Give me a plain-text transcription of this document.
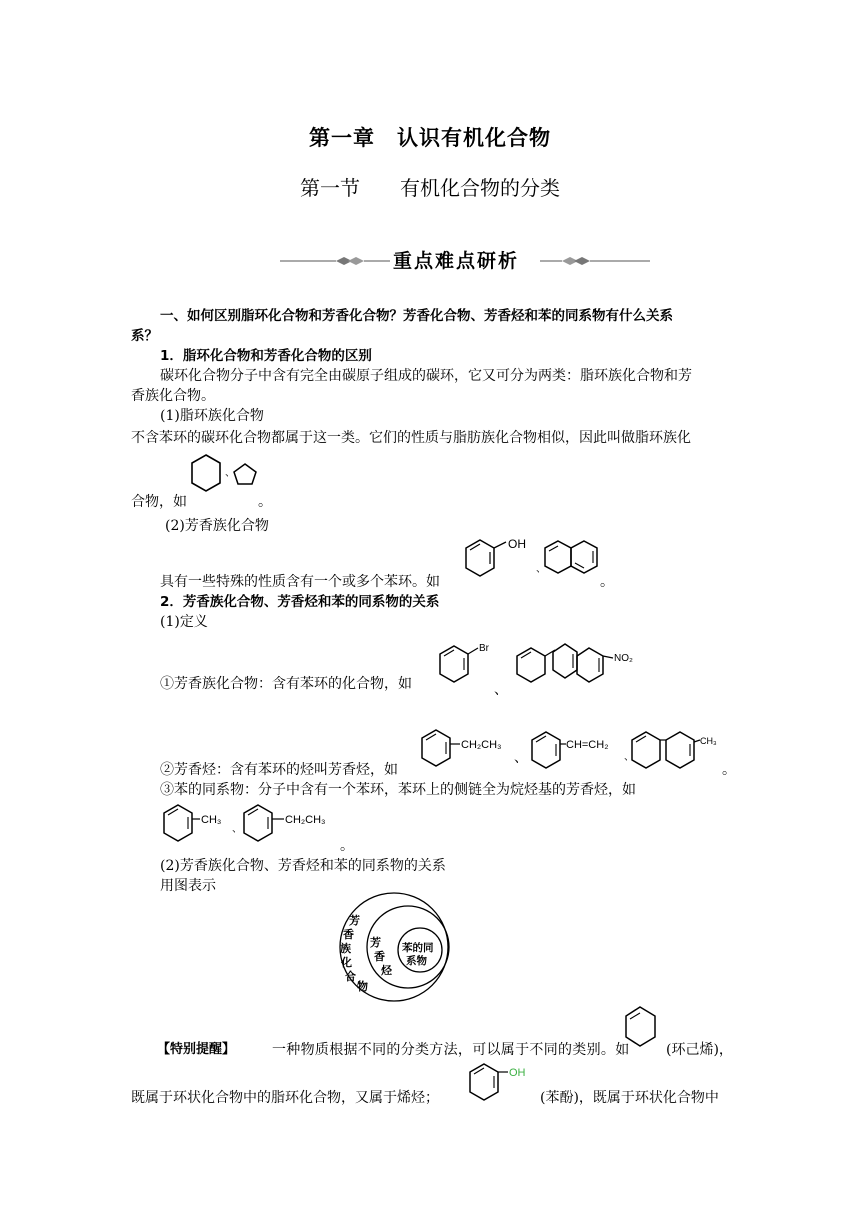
第一章　认识有机化合物
第一节　　有机化合物的分类
重点难点研析
一、如何区别脂环化合物和芳香化合物？芳香化合物、芳香烃和苯的同系物有什么关系
系？
1．脂环化合物和芳香化合物的区别
碳环化合物分子中含有完全由碳原子组成的碳环，它又可分为两类：脂环族化合物和芳
香族化合物。
(1)脂环族化合物
不含苯环的碳环化合物都属于这一类。它们的性质与脂肪族化合物相似，因此叫做脂环族化
、
合物，如	。
(2)芳香族化合物
OH
、
具有一些特殊的性质含有一个或多个苯环。如	。
2．芳香族化合物、芳香烃和苯的同系物的关系
(1)定义
Br
、
NO₂
①芳香族化合物：含有苯环的化合物，如
CH₂CH₃
、
CH=CH₂
、
CH₃
②芳香烃：含有苯环的烃叫芳香烃，如	。
③苯的同系物：分子中含有一个苯环，苯环上的侧链全为烷烃基的芳香烃，如
CH₃
、
CH₂CH₃
。
(2)芳香族化合物、芳香烃和苯的同系物的关系
用图表示
芳
香
族
化
合
物
芳
香
烃
苯的同
系物
【特别提醒】	一种物质根据不同的分类方法，可以属于不同的类别。如	(环己烯)，
OH
既属于环状化合物中的脂环化合物，又属于烯烃；	(苯酚)，既属于环状化合物中
